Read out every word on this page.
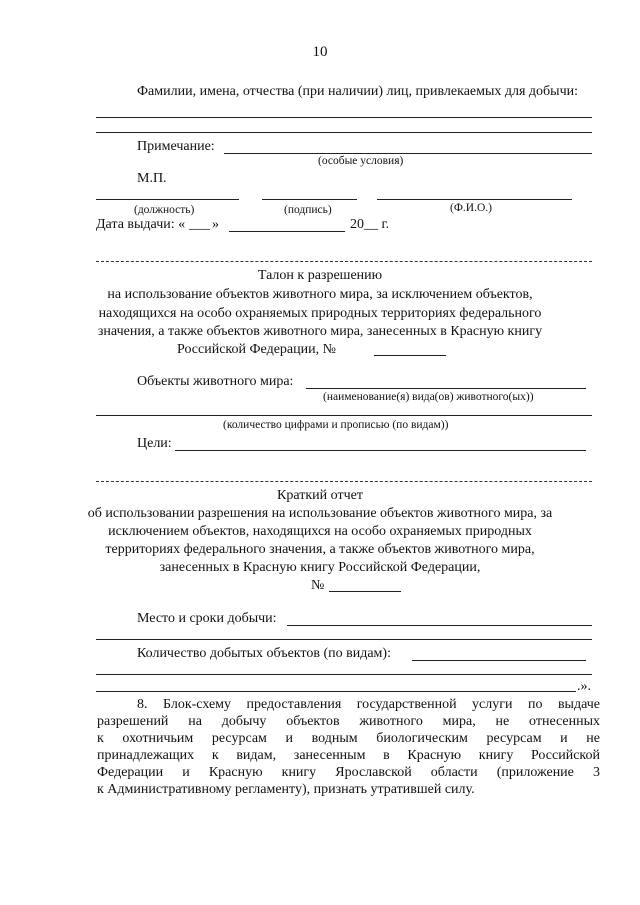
10
Фамилии, имена, отчества (при наличии) лиц, привлекаемых для добычи:
Примечание:
(особые условия)
М.П.
(должность)	(подпись)	(Ф.И.О.)
Дата выдачи: « ___ »	20__ г.
Талон к разрешению
на использование объектов животного мира, за исключением объектов,
находящихся на особо охраняемых природных территориях федерального
значения, а также объектов животного мира, занесенных в Красную книгу
Российской Федерации, №
Объекты животного мира:
(наименование(я) вида(ов) животного(ых))
(количество цифрами и прописью (по видам))
Цели:
Краткий отчет
об использовании разрешения на использование объектов животного мира, за
исключением объектов, находящихся на особо охраняемых природных
территориях федерального значения, а также объектов животного мира,
занесенных в Красную книгу Российской Федерации,
№
Место и сроки добычи:
Количество добытых объектов (по видам):
.».
8. Блок-схему предоставления государственной услуги по выдаче
разрешений на добычу объектов животного мира, не отнесенных
к охотничьим ресурсам и водным биологическим ресурсам и не
принадлежащих к видам, занесенным в Красную книгу Российской
Федерации и Красную книгу Ярославской области (приложение 3
к Административному регламенту), признать утратившей силу.
